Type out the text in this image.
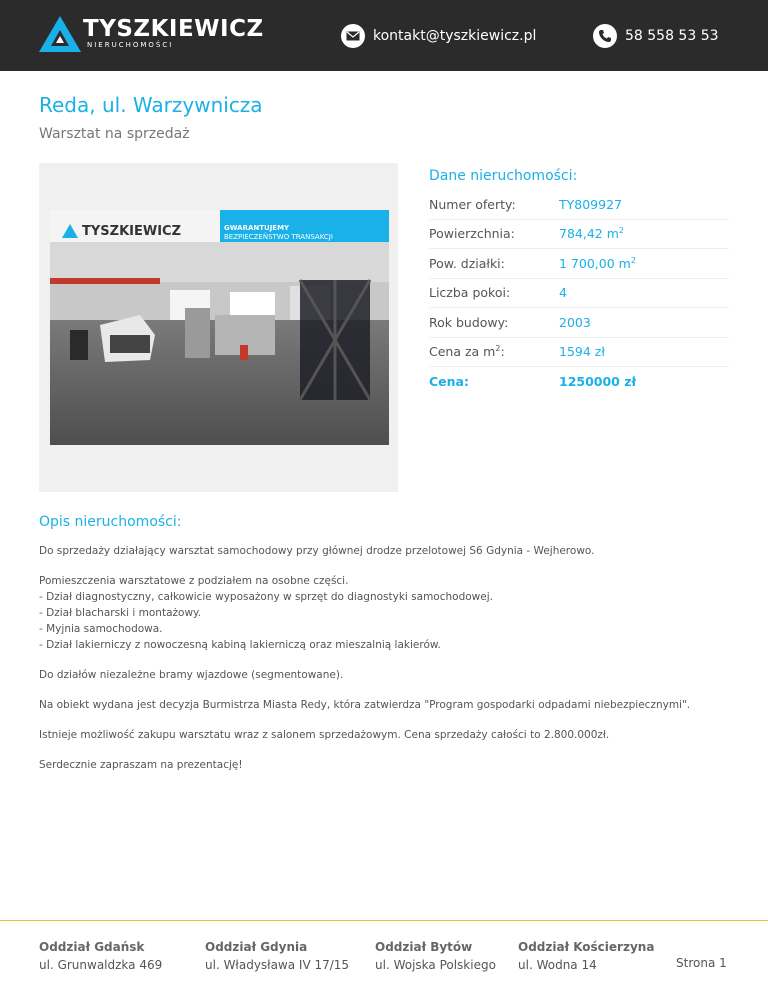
TYSZKIEWICZ
NIERUCHOMOŚCI
kontakt@tyszkiewicz.pl	58 558 53 53
Reda, ul. Warzywnicza
Warsztat na sprzedaż
TYSZKIEWICZ	GWARANTUJEMY
BEZPIECZEŃSTWO TRANSAKCJI
Dane nieruchomości:
Numer oferty:	TY809927
Powierzchnia:	784,42 $m^2$
Pow. działki:	1 700,00 $m^2$
Liczba pokoi:	4
Rok budowy:	2003
Cena za $m^2$:	1594 zł
Cena:	1250000 zł
Opis nieruchomości:

Do sprzedaży działający warsztat samochodowy przy głównej drodze przelotowej S6 Gdynia - Wejherowo.

Pomieszczenia warsztatowe z podziałem na osobne części.
- Dział diagnostyczny, całkowicie wyposażony w sprzęt do diagnostyki samochodowej.
- Dział blacharski i montażowy.
- Myjnia samochodowa.
- Dział lakierniczy z nowoczesną kabiną lakierniczą oraz mieszalnią lakierów.

Do działów niezależne bramy wjazdowe (segmentowane).

Na obiekt wydana jest decyzja Burmistrza Miasta Redy, która zatwierdza "Program gospodarki odpadami niebezpiecznymi".

Istnieje możliwość zakupu warsztatu wraz z salonem sprzedażowym. Cena sprzedaży całości to 2.800.000zł.

Serdecznie zapraszam na prezentację!

Oddział Gdańsk
ul. Grunwaldzka 469
Oddział Gdynia
ul. Władysława IV 17/15
Oddział Bytów
ul. Wojska Polskiego
Oddział Kościerzyna
ul. Wodna 14	Strona 1
